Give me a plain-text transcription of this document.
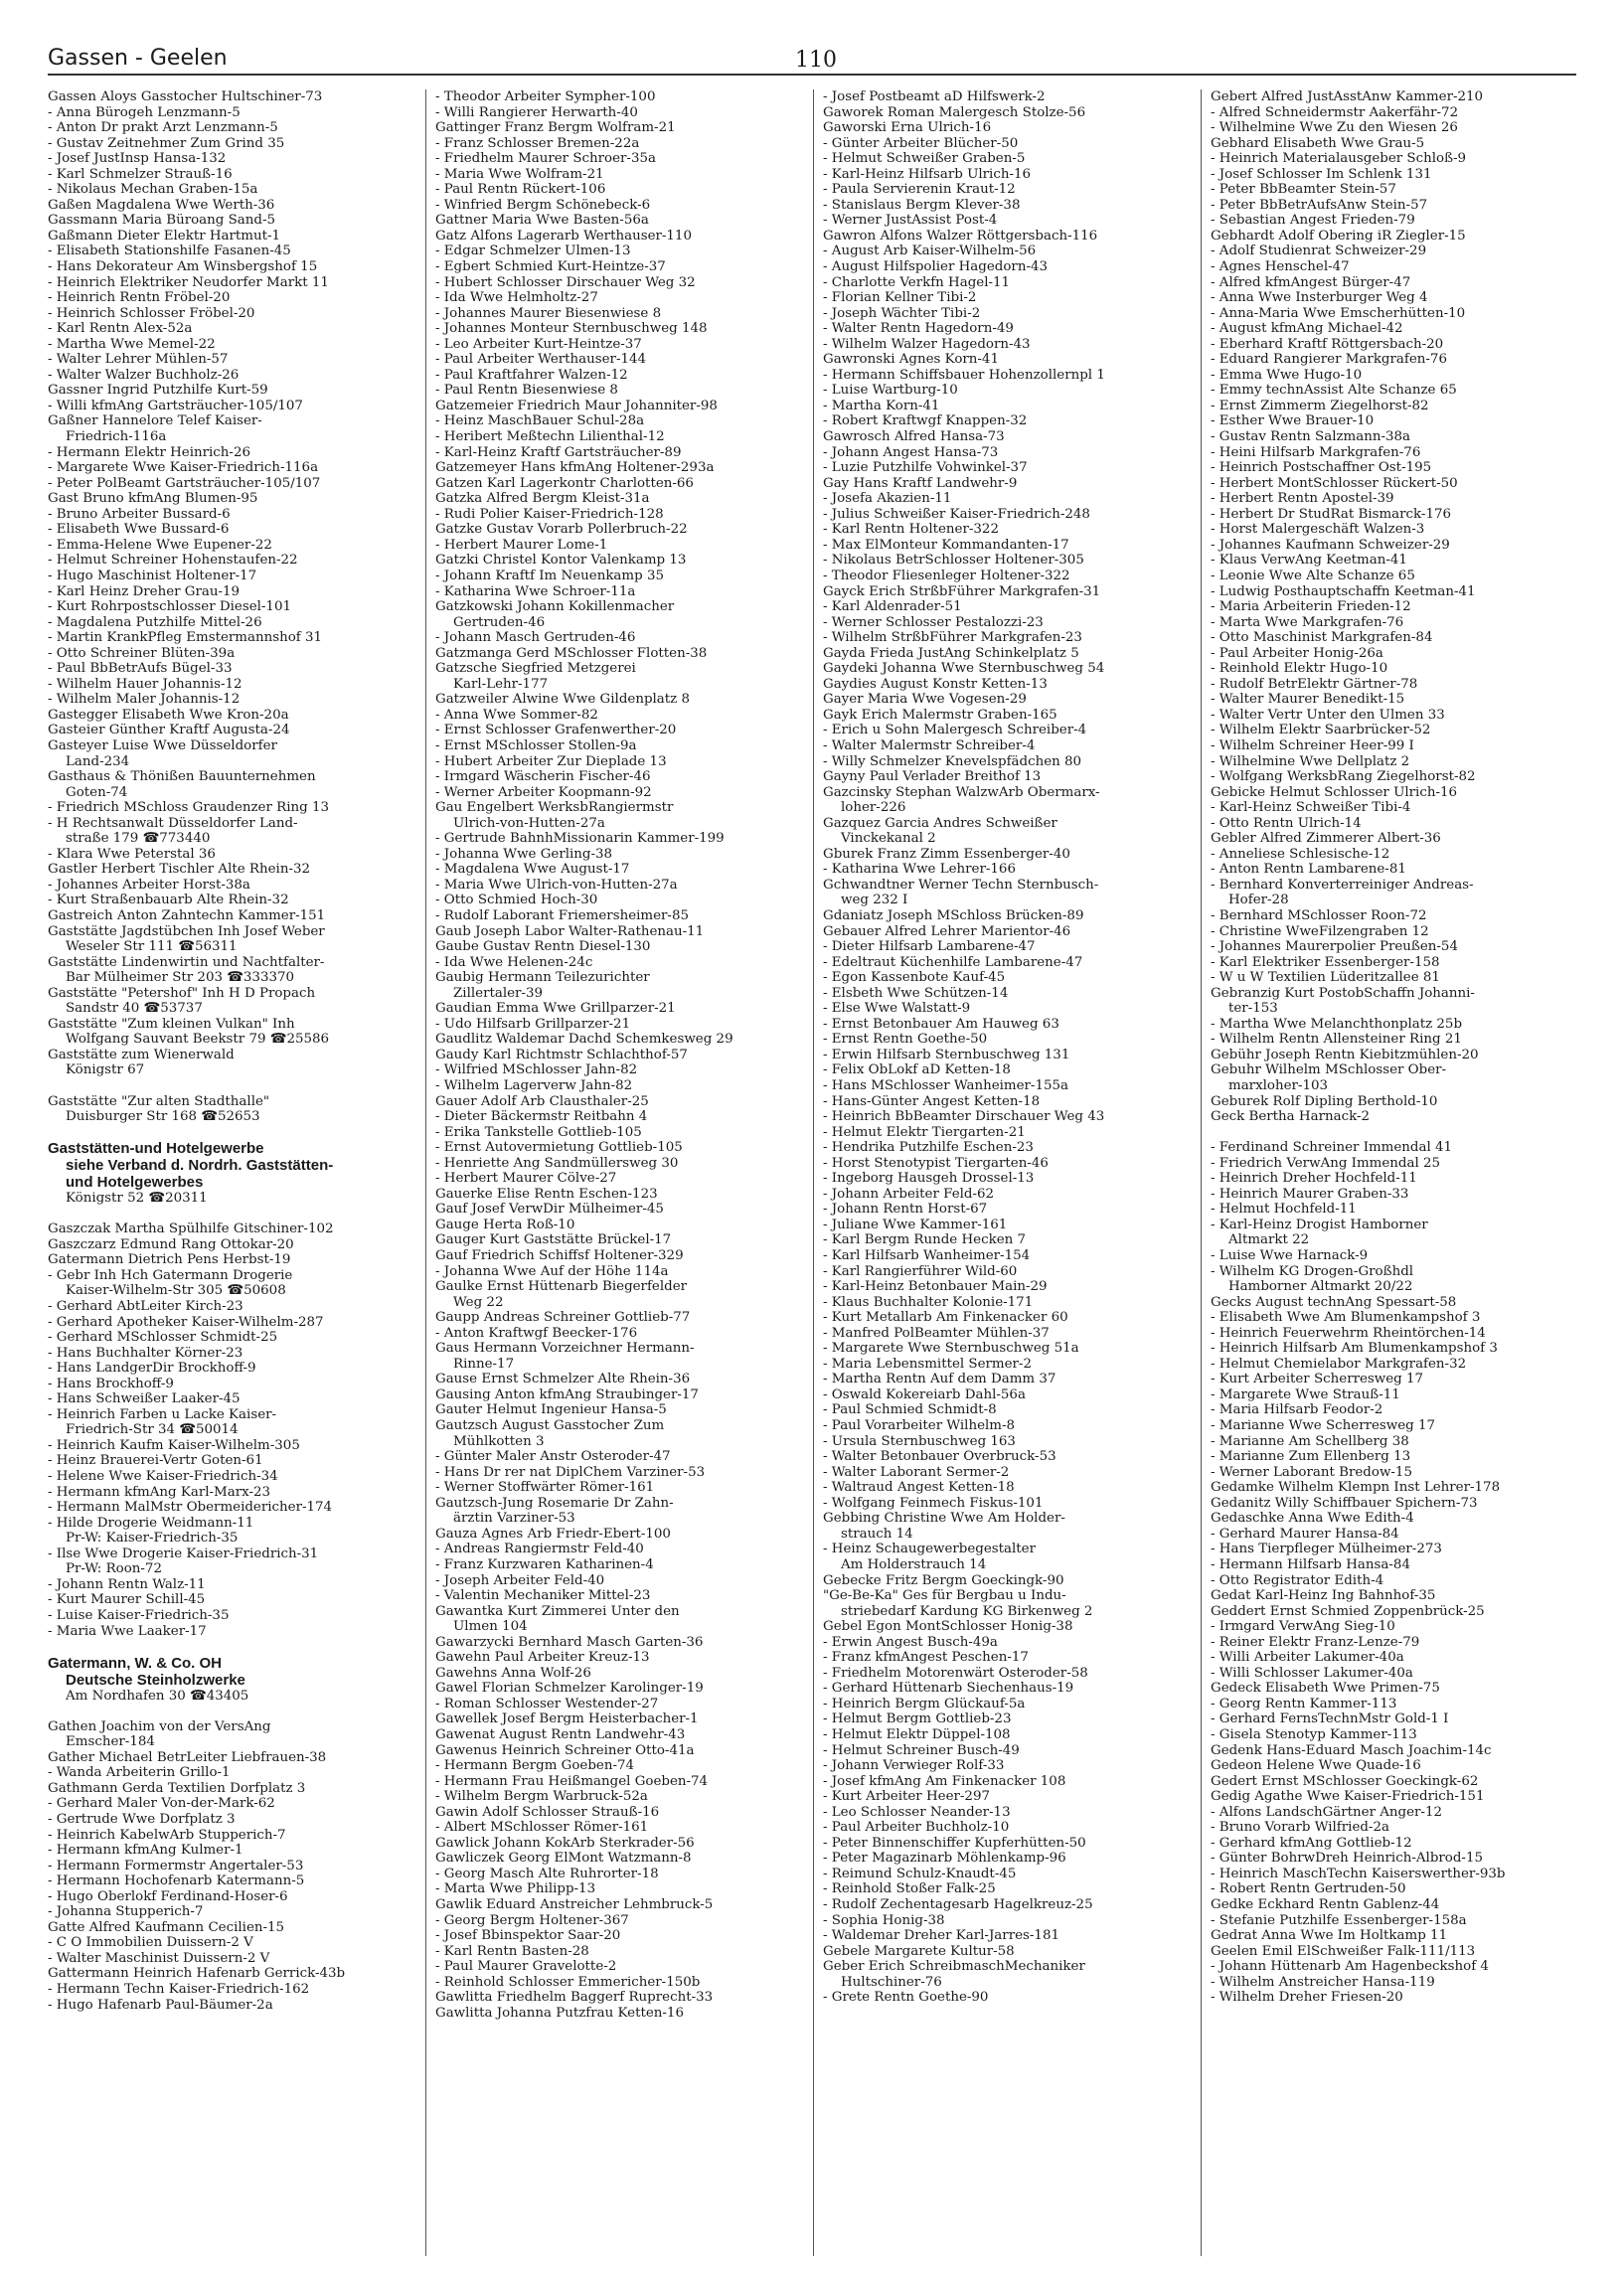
Gassen - Geelen	110
Gassen Aloys Gasstocher Hultschiner-73
- Anna Bürogeh Lenzmann-5
- Anton Dr prakt Arzt Lenzmann-5
- Gustav Zeitnehmer Zum Grind 35
- Josef JustInsp Hansa-132
- Karl Schmelzer Strauß-16
- Nikolaus Mechan Graben-15a
Gaßen Magdalena Wwe Werth-36
Gassmann Maria Büroang Sand-5
Gaßmann Dieter Elektr Hartmut-1
- Elisabeth Stationshilfe Fasanen-45
- Hans Dekorateur Am Winsbergshof 15
- Heinrich Elektriker Neudorfer Markt 11
- Heinrich Rentn Fröbel-20
- Heinrich Schlosser Fröbel-20
- Karl Rentn Alex-52a
- Martha Wwe Memel-22
- Walter Lehrer Mühlen-57
- Walter Walzer Buchholz-26
Gassner Ingrid Putzhilfe Kurt-59
- Willi kfmAng Gartsträucher-105/107
Gaßner Hannelore Telef Kaiser-
Friedrich-116a
- Hermann Elektr Heinrich-26
- Margarete Wwe Kaiser-Friedrich-116a
- Peter PolBeamt Gartsträucher-105/107
Gast Bruno kfmAng Blumen-95
- Bruno Arbeiter Bussard-6
- Elisabeth Wwe Bussard-6
- Emma-Helene Wwe Eupener-22
- Helmut Schreiner Hohenstaufen-22
- Hugo Maschinist Holtener-17
- Karl Heinz Dreher Grau-19
- Kurt Rohrpostschlosser Diesel-101
- Magdalena Putzhilfe Mittel-26
- Martin KrankPfleg Emstermannshof 31
- Otto Schreiner Blüten-39a
- Paul BbBetrAufs Bügel-33
- Wilhelm Hauer Johannis-12
- Wilhelm Maler Johannis-12
Gastegger Elisabeth Wwe Kron-20a
Gasteier Günther Kraftf Augusta-24
Gasteyer Luise Wwe Düsseldorfer
Land-234
Gasthaus & Thönißen Bauunternehmen
Goten-74
- Friedrich MSchloss Graudenzer Ring 13
- H Rechtsanwalt Düsseldorfer Land-
straße 179 ☎773440
- Klara Wwe Peterstal 36
Gastler Herbert Tischler Alte Rhein-32
- Johannes Arbeiter Horst-38a
- Kurt Straßenbauarb Alte Rhein-32
Gastreich Anton Zahntechn Kammer-151
Gaststätte Jagdstübchen Inh Josef Weber
Weseler Str 111 ☎56311
Gaststätte Lindenwirtin und Nachtfalter-
Bar Mülheimer Str 203 ☎333370
Gaststätte "Petershof" Inh H D Propach
Sandstr 40 ☎53737
Gaststätte "Zum kleinen Vulkan" Inh
Wolfgang Sauvant Beekstr 79 ☎25586
Gaststätte zum Wienerwald
Königstr 67
Gaststätte "Zur alten Stadthalle"
Duisburger Str 168 ☎52653
Gaststätten-und Hotelgewerbe
siehe Verband d. Nordrh. Gaststätten-
und Hotelgewerbes
Königstr 52 ☎20311
Gaszczak Martha Spülhilfe Gitschiner-102
Gaszczarz Edmund Rang Ottokar-20
Gatermann Dietrich Pens Herbst-19
- Gebr Inh Hch Gatermann Drogerie
Kaiser-Wilhelm-Str 305 ☎50608
- Gerhard AbtLeiter Kirch-23
- Gerhard Apotheker Kaiser-Wilhelm-287
- Gerhard MSchlosser Schmidt-25
- Hans Buchhalter Körner-23
- Hans LandgerDir Brockhoff-9
- Hans Brockhoff-9
- Hans Schweißer Laaker-45
- Heinrich Farben u Lacke Kaiser-
Friedrich-Str 34 ☎50014
- Heinrich Kaufm Kaiser-Wilhelm-305
- Heinz Brauerei-Vertr Goten-61
- Helene Wwe Kaiser-Friedrich-34
- Hermann kfmAng Karl-Marx-23
- Hermann MalMstr Obermeidericher-174
- Hilde Drogerie Weidmann-11
Pr-W: Kaiser-Friedrich-35
- Ilse Wwe Drogerie Kaiser-Friedrich-31
Pr-W: Roon-72
- Johann Rentn Walz-11
- Kurt Maurer Schill-45
- Luise Kaiser-Friedrich-35
- Maria Wwe Laaker-17
Gatermann, W. & Co. OH
Deutsche Steinholzwerke
Am Nordhafen 30 ☎43405
Gathen Joachim von der VersAng
Emscher-184
Gather Michael BetrLeiter Liebfrauen-38
- Wanda Arbeiterin Grillo-1
Gathmann Gerda Textilien Dorfplatz 3
- Gerhard Maler Von-der-Mark-62
- Gertrude Wwe Dorfplatz 3
- Heinrich KabelwArb Stupperich-7
- Hermann kfmAng Kulmer-1
- Hermann Formermstr Angertaler-53
- Hermann Hochofenarb Katermann-5
- Hugo Oberlokf Ferdinand-Hoser-6
- Johanna Stupperich-7
Gatte Alfred Kaufmann Cecilien-15
- C O Immobilien Duissern-2 V
- Walter Maschinist Duissern-2 V
Gattermann Heinrich Hafenarb Gerrick-43b
- Hermann Techn Kaiser-Friedrich-162
- Hugo Hafenarb Paul-Bäumer-2a
- Theodor Arbeiter Sympher-100
- Willi Rangierer Herwarth-40
Gattinger Franz Bergm Wolfram-21
- Franz Schlosser Bremen-22a
- Friedhelm Maurer Schroer-35a
- Maria Wwe Wolfram-21
- Paul Rentn Rückert-106
- Winfried Bergm Schönebeck-6
Gattner Maria Wwe Basten-56a
Gatz Alfons Lagerarb Werthauser-110
- Edgar Schmelzer Ulmen-13
- Egbert Schmied Kurt-Heintze-37
- Hubert Schlosser Dirschauer Weg 32
- Ida Wwe Helmholtz-27
- Johannes Maurer Biesenwiese 8
- Johannes Monteur Sternbuschweg 148
- Leo Arbeiter Kurt-Heintze-37
- Paul Arbeiter Werthauser-144
- Paul Kraftfahrer Walzen-12
- Paul Rentn Biesenwiese 8
Gatzemeier Friedrich Maur Johanniter-98
- Heinz MaschBauer Schul-28a
- Heribert Meßtechn Lilienthal-12
- Karl-Heinz Kraftf Gartsträucher-89
Gatzemeyer Hans kfmAng Holtener-293a
Gatzen Karl Lagerkontr Charlotten-66
Gatzka Alfred Bergm Kleist-31a
- Rudi Polier Kaiser-Friedrich-128
Gatzke Gustav Vorarb Pollerbruch-22
- Herbert Maurer Lome-1
Gatzki Christel Kontor Valenkamp 13
- Johann Kraftf Im Neuenkamp 35
- Katharina Wwe Schroer-11a
Gatzkowski Johann Kokillenmacher
Gertruden-46
- Johann Masch Gertruden-46
Gatzmanga Gerd MSchlosser Flotten-38
Gatzsche Siegfried Metzgerei
Karl-Lehr-177
Gatzweiler Alwine Wwe Gildenplatz 8
- Anna Wwe Sommer-82
- Ernst Schlosser Grafenwerther-20
- Ernst MSchlosser Stollen-9a
- Hubert Arbeiter Zur Dieplade 13
- Irmgard Wäscherin Fischer-46
- Werner Arbeiter Koopmann-92
Gau Engelbert WerksbRangiermstr
Ulrich-von-Hutten-27a
- Gertrude BahnhMissionarin Kammer-199
- Johanna Wwe Gerling-38
- Magdalena Wwe August-17
- Maria Wwe Ulrich-von-Hutten-27a
- Otto Schmied Hoch-30
- Rudolf Laborant Friemersheimer-85
Gaub Joseph Labor Walter-Rathenau-11
Gaube Gustav Rentn Diesel-130
- Ida Wwe Helenen-24c
Gaubig Hermann Teilezurichter
Zillertaler-39
Gaudian Emma Wwe Grillparzer-21
- Udo Hilfsarb Grillparzer-21
Gaudlitz Waldemar Dachd Schemkesweg 29
Gaudy Karl Richtmstr Schlachthof-57
- Wilfried MSchlosser Jahn-82
- Wilhelm Lagerverw Jahn-82
Gauer Adolf Arb Clausthaler-25
- Dieter Bäckermstr Reitbahn 4
- Erika Tankstelle Gottlieb-105
- Ernst Autovermietung Gottlieb-105
- Henriette Ang Sandmüllersweg 30
- Herbert Maurer Cölve-27
Gauerke Elise Rentn Eschen-123
Gauf Josef VerwDir Mülheimer-45
Gauge Herta Roß-10
Gauger Kurt Gaststätte Brückel-17
Gauf Friedrich Schiffsf Holtener-329
- Johanna Wwe Auf der Höhe 114a
Gaulke Ernst Hüttenarb Biegerfelder
Weg 22
Gaupp Andreas Schreiner Gottlieb-77
- Anton Kraftwgf Beecker-176
Gaus Hermann Vorzeichner Hermann-
Rinne-17
Gause Ernst Schmelzer Alte Rhein-36
Gausing Anton kfmAng Straubinger-17
Gauter Helmut Ingenieur Hansa-5
Gautzsch August Gasstocher Zum
Mühlkotten 3
- Günter Maler Anstr Osteroder-47
- Hans Dr rer nat DiplChem Varziner-53
- Werner Stoffwärter Römer-161
Gautzsch-Jung Rosemarie Dr Zahn-
ärztin Varziner-53
Gauza Agnes Arb Friedr-Ebert-100
- Andreas Rangiermstr Feld-40
- Franz Kurzwaren Katharinen-4
- Joseph Arbeiter Feld-40
- Valentin Mechaniker Mittel-23
Gawantka Kurt Zimmerei Unter den
Ulmen 104
Gawarzycki Bernhard Masch Garten-36
Gawehn Paul Arbeiter Kreuz-13
Gawehns Anna Wolf-26
Gawel Florian Schmelzer Karolinger-19
- Roman Schlosser Westender-27
Gawellek Josef Bergm Heisterbacher-1
Gawenat August Rentn Landwehr-43
Gawenus Heinrich Schreiner Otto-41a
- Hermann Bergm Goeben-74
- Hermann Frau Heißmangel Goeben-74
- Wilhelm Bergm Warbruck-52a
Gawin Adolf Schlosser Strauß-16
- Albert MSchlosser Römer-161
Gawlick Johann KokArb Sterkrader-56
Gawliczek Georg ElMont Watzmann-8
- Georg Masch Alte Ruhrorter-18
- Marta Wwe Philipp-13
Gawlik Eduard Anstreicher Lehmbruck-5
- Georg Bergm Holtener-367
- Josef Bbinspektor Saar-20
- Karl Rentn Basten-28
- Paul Maurer Gravelotte-2
- Reinhold Schlosser Emmericher-150b
Gawlitta Friedhelm Baggerf Ruprecht-33
Gawlitta Johanna Putzfrau Ketten-16
- Josef Postbeamt aD Hilfswerk-2
Gaworek Roman Malergesch Stolze-56
Gaworski Erna Ulrich-16
- Günter Arbeiter Blücher-50
- Helmut Schweißer Graben-5
- Karl-Heinz Hilfsarb Ulrich-16
- Paula Servierenin Kraut-12
- Stanislaus Bergm Klever-38
- Werner JustAssist Post-4
Gawron Alfons Walzer Röttgersbach-116
- August Arb Kaiser-Wilhelm-56
- August Hilfspolier Hagedorn-43
- Charlotte Verkfn Hagel-11
- Florian Kellner Tibi-2
- Joseph Wächter Tibi-2
- Walter Rentn Hagedorn-49
- Wilhelm Walzer Hagedorn-43
Gawronski Agnes Korn-41
- Hermann Schiffsbauer Hohenzollernpl 1
- Luise Wartburg-10
- Martha Korn-41
- Robert Kraftwgf Knappen-32
Gawrosch Alfred Hansa-73
- Johann Angest Hansa-73
- Luzie Putzhilfe Vohwinkel-37
Gay Hans Kraftf Landwehr-9
- Josefa Akazien-11
- Julius Schweißer Kaiser-Friedrich-248
- Karl Rentn Holtener-322
- Max ElMonteur Kommandanten-17
- Nikolaus BetrSchlosser Holtener-305
- Theodor Fliesenleger Holtener-322
Gayck Erich StrßbFührer Markgrafen-31
- Karl Aldenrader-51
- Werner Schlosser Pestalozzi-23
- Wilhelm StrßbFührer Markgrafen-23
Gayda Frieda JustAng Schinkelplatz 5
Gaydeki Johanna Wwe Sternbuschweg 54
Gaydies August Konstr Ketten-13
Gayer Maria Wwe Vogesen-29
Gayk Erich Malermstr Graben-165
- Erich u Sohn Malergesch Schreiber-4
- Walter Malermstr Schreiber-4
- Willy Schmelzer Knevelspfädchen 80
Gayny Paul Verlader Breithof 13
Gazcinsky Stephan WalzwArb Obermarx-
loher-226
Gazquez Garcia Andres Schweißer
Vinckekanal 2
Gburek Franz Zimm Essenberger-40
- Katharina Wwe Lehrer-166
Gchwandtner Werner Techn Sternbusch-
weg 232 I
Gdaniatz Joseph MSchloss Brücken-89
Gebauer Alfred Lehrer Marientor-46
- Dieter Hilfsarb Lambarene-47
- Edeltraut Küchenhilfe Lambarene-47
- Egon Kassenbote Kauf-45
- Elsbeth Wwe Schützen-14
- Else Wwe Walstatt-9
- Ernst Betonbauer Am Hauweg 63
- Ernst Rentn Goethe-50
- Erwin Hilfsarb Sternbuschweg 131
- Felix ObLokf aD Ketten-18
- Hans MSchlosser Wanheimer-155a
- Hans-Günter Angest Ketten-18
- Heinrich BbBeamter Dirschauer Weg 43
- Helmut Elektr Tiergarten-21
- Hendrika Putzhilfe Eschen-23
- Horst Stenotypist Tiergarten-46
- Ingeborg Hausgeh Drossel-13
- Johann Arbeiter Feld-62
- Johann Rentn Horst-67
- Juliane Wwe Kammer-161
- Karl Bergm Runde Hecken 7
- Karl Hilfsarb Wanheimer-154
- Karl Rangierführer Wild-60
- Karl-Heinz Betonbauer Main-29
- Klaus Buchhalter Kolonie-171
- Kurt Metallarb Am Finkenacker 60
- Manfred PolBeamter Mühlen-37
- Margarete Wwe Sternbuschweg 51a
- Maria Lebensmittel Sermer-2
- Martha Rentn Auf dem Damm 37
- Oswald Kokereiarb Dahl-56a
- Paul Schmied Schmidt-8
- Paul Vorarbeiter Wilhelm-8
- Ursula Sternbuschweg 163
- Walter Betonbauer Overbruck-53
- Walter Laborant Sermer-2
- Waltraud Angest Ketten-18
- Wolfgang Feinmech Fiskus-101
Gebbing Christine Wwe Am Holder-
strauch 14
- Heinz Schaugewerbegestalter
Am Holderstrauch 14
Gebecke Fritz Bergm Goeckingk-90
"Ge-Be-Ka" Ges für Bergbau u Indu-
striebedarf Kardung KG Birkenweg 2
Gebel Egon MontSchlosser Honig-38
- Erwin Angest Busch-49a
- Franz kfmAngest Peschen-17
- Friedhelm Motorenwärt Osteroder-58
- Gerhard Hüttenarb Siechenhaus-19
- Heinrich Bergm Glückauf-5a
- Helmut Bergm Gottlieb-23
- Helmut Elektr Düppel-108
- Helmut Schreiner Busch-49
- Johann Verwieger Rolf-33
- Josef kfmAng Am Finkenacker 108
- Kurt Arbeiter Heer-297
- Leo Schlosser Neander-13
- Paul Arbeiter Buchholz-10
- Peter Binnenschiffer Kupferhütten-50
- Peter Magazinarb Möhlenkamp-96
- Reimund Schulz-Knaudt-45
- Reinhold Stoßer Falk-25
- Rudolf Zechentagesarb Hagelkreuz-25
- Sophia Honig-38
- Waldemar Dreher Karl-Jarres-181
Gebele Margarete Kultur-58
Geber Erich SchreibmaschMechaniker
Hultschiner-76
- Grete Rentn Goethe-90
Gebert Alfred JustAsstAnw Kammer-210
- Alfred Schneidermstr Aakerfähr-72
- Wilhelmine Wwe Zu den Wiesen 26
Gebhard Elisabeth Wwe Grau-5
- Heinrich Materialausgeber Schloß-9
- Josef Schlosser Im Schlenk 131
- Peter BbBeamter Stein-57
- Peter BbBetrAufsAnw Stein-57
- Sebastian Angest Frieden-79
Gebhardt Adolf Obering iR Ziegler-15
- Adolf Studienrat Schweizer-29
- Agnes Henschel-47
- Alfred kfmAngest Bürger-47
- Anna Wwe Insterburger Weg 4
- Anna-Maria Wwe Emscherhütten-10
- August kfmAng Michael-42
- Eberhard Kraftf Röttgersbach-20
- Eduard Rangierer Markgrafen-76
- Emma Wwe Hugo-10
- Emmy technAssist Alte Schanze 65
- Ernst Zimmerm Ziegelhorst-82
- Esther Wwe Brauer-10
- Gustav Rentn Salzmann-38a
- Heini Hilfsarb Markgrafen-76
- Heinrich Postschaffner Ost-195
- Herbert MontSchlosser Rückert-50
- Herbert Rentn Apostel-39
- Herbert Dr StudRat Bismarck-176
- Horst Malergeschäft Walzen-3
- Johannes Kaufmann Schweizer-29
- Klaus VerwAng Keetman-41
- Leonie Wwe Alte Schanze 65
- Ludwig Posthauptschaffn Keetman-41
- Maria Arbeiterin Frieden-12
- Marta Wwe Markgrafen-76
- Otto Maschinist Markgrafen-84
- Paul Arbeiter Honig-26a
- Reinhold Elektr Hugo-10
- Rudolf BetrElektr Gärtner-78
- Walter Maurer Benedikt-15
- Walter Vertr Unter den Ulmen 33
- Wilhelm Elektr Saarbrücker-52
- Wilhelm Schreiner Heer-99 I
- Wilhelmine Wwe Dellplatz 2
- Wolfgang WerksbRang Ziegelhorst-82
Gebicke Helmut Schlosser Ulrich-16
- Karl-Heinz Schweißer Tibi-4
- Otto Rentn Ulrich-14
Gebler Alfred Zimmerer Albert-36
- Anneliese Schlesische-12
- Anton Rentn Lambarene-81
- Bernhard Konverterreiniger Andreas-
Hofer-28
- Bernhard MSchlosser Roon-72
- Christine WweFilzengraben 12
- Johannes Maurerpolier Preußen-54
- Karl Elektriker Essenberger-158
- W u W Textilien Lüderitzallee 81
Gebranzig Kurt PostobSchaffn Johanni-
ter-153
- Martha Wwe Melanchthonplatz 25b
- Wilhelm Rentn Allensteiner Ring 21
Gebühr Joseph Rentn Kiebitzmühlen-20
Gebuhr Wilhelm MSchlosser Ober-
marxloher-103
Geburek Rolf Dipling Berthold-10
Geck Bertha Harnack-2
- Ferdinand Schreiner Immendal 41
- Friedrich VerwAng Immendal 25
- Heinrich Dreher Hochfeld-11
- Heinrich Maurer Graben-33
- Helmut Hochfeld-11
- Karl-Heinz Drogist Hamborner
Altmarkt 22
- Luise Wwe Harnack-9
- Wilhelm KG Drogen-Großhdl
Hamborner Altmarkt 20/22
Gecks August technAng Spessart-58
- Elisabeth Wwe Am Blumenkampshof 3
- Heinrich Feuerwehrm Rheintörchen-14
- Heinrich Hilfsarb Am Blumenkampshof 3
- Helmut Chemielabor Markgrafen-32
- Kurt Arbeiter Scherresweg 17
- Margarete Wwe Strauß-11
- Maria Hilfsarb Feodor-2
- Marianne Wwe Scherresweg 17
- Marianne Am Schellberg 38
- Marianne Zum Ellenberg 13
- Werner Laborant Bredow-15
Gedamke Wilhelm Klempn Inst Lehrer-178
Gedanitz Willy Schiffbauer Spichern-73
Gedaschke Anna Wwe Edith-4
- Gerhard Maurer Hansa-84
- Hans Tierpfleger Mülheimer-273
- Hermann Hilfsarb Hansa-84
- Otto Registrator Edith-4
Gedat Karl-Heinz Ing Bahnhof-35
Geddert Ernst Schmied Zoppenbrück-25
- Irmgard VerwAng Sieg-10
- Reiner Elektr Franz-Lenze-79
- Willi Arbeiter Lakumer-40a
- Willi Schlosser Lakumer-40a
Gedeck Elisabeth Wwe Primen-75
- Georg Rentn Kammer-113
- Gerhard FernsTechnMstr Gold-1 I
- Gisela Stenotyp Kammer-113
Gedenk Hans-Eduard Masch Joachim-14c
Gedeon Helene Wwe Quade-16
Gedert Ernst MSchlosser Goeckingk-62
Gedig Agathe Wwe Kaiser-Friedrich-151
- Alfons LandschGärtner Anger-12
- Bruno Vorarb Wilfried-2a
- Gerhard kfmAng Gottlieb-12
- Günter BohrwDreh Heinrich-Albrod-15
- Heinrich MaschTechn Kaiserswerther-93b
- Robert Rentn Gertruden-50
Gedke Eckhard Rentn Gablenz-44
- Stefanie Putzhilfe Essenberger-158a
Gedrat Anna Wwe Im Holtkamp 11
Geelen Emil ElSchweißer Falk-111/113
- Johann Hüttenarb Am Hagenbeckshof 4
- Wilhelm Anstreicher Hansa-119
- Wilhelm Dreher Friesen-20
